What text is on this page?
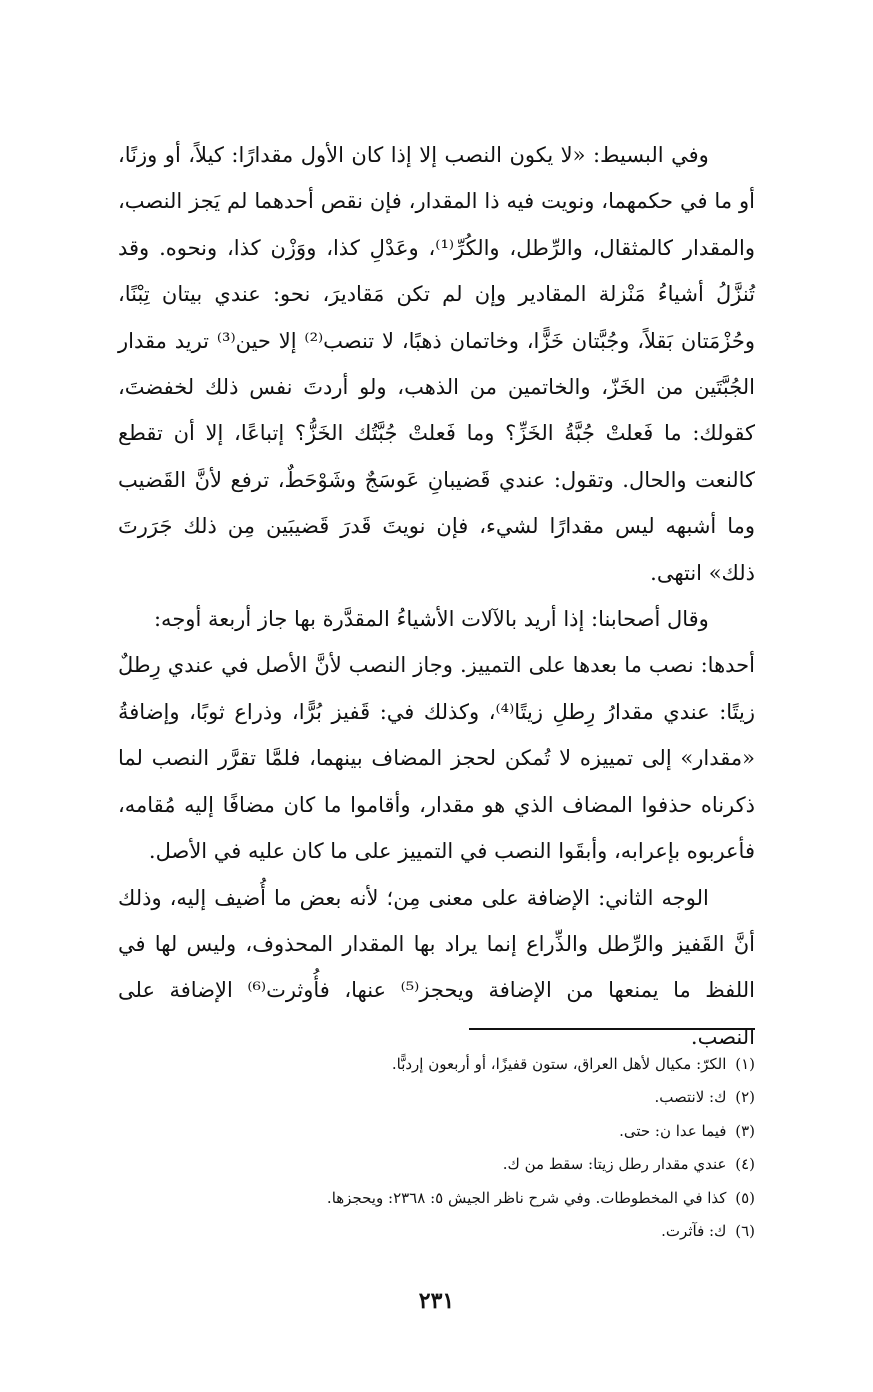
وفي البسيط: «لا يكون النصب إلا إذا كان الأول مقدارًا: كيلاً، أو وزنًا، أو ما في حكمهما، ونويت فيه ذا المقدار، فإن نقص أحدهما لم يَجز النصب، والمقدار كالمثقال، والرِّطل، والكُرِّ⁽¹⁾، وعَدْلِ كذا، ووَزْن كذا، ونحوه. وقد تُنزَّلُ أشياءُ مَنْزلة المقادير وإن لم تكن مَقاديرَ، نحو: عندي بيتان تِبْنًا، وحُزْمَتان بَقلاً، وجُبَّتان خَزًّا، وخاتمان ذهبًا، لا تنصب⁽²⁾ إلا حين⁽³⁾ تريد مقدار الجُبَّتَين من الخَزّ، والخاتمين من الذهب، ولو أردتَ نفس ذلك لخفضتَ، كقولك: ما فَعلتْ جُبَّةُ الخَزِّ؟ وما فَعلتْ جُبَّتُك الخَزُّ؟ إتباعًا، إلا أن تقطع كالنعت والحال. وتقول: عندي قَضيبانِ عَوسَجٌ وشَوْحَطٌ، ترفع لأنَّ القَضيب وما أشبهه ليس مقدارًا لشيء، فإن نويتَ قَدرَ قَضيبَين مِن ذلك جَرَرتَ ذلك» انتهى.

وقال أصحابنا: إذا أريد بالآلات الأشياءُ المقدَّرة بها جاز أربعة أوجه:

أحدها: نصب ما بعدها على التمييز. وجاز النصب لأنَّ الأصل في عندي رِطلٌ زيتًا: عندي مقدارُ رِطلِ زيتًا⁽⁴⁾، وكذلك في: قَفيز بُرًّا، وذراع ثوبًا، وإضافةُ «مقدار» إلى تمييزه لا تُمكن لحجز المضاف بينهما، فلمَّا تقرَّر النصب لما ذكرناه حذفوا المضاف الذي هو مقدار، وأقاموا ما كان مضافًا إليه مُقامه، فأعربوه بإعرابه، وأبقَوا النصب في التمييز على ما كان عليه في الأصل.

الوجه الثاني: الإضافة على معنى مِن؛ لأنه بعض ما أُضيف إليه، وذلك أنَّ القَفيز والرِّطل والذِّراع إنما يراد بها المقدار المحذوف، وليس لها في اللفظ ما يمنعها من الإضافة ويحجز⁽⁵⁾ عنها، فأُوثرت⁽⁶⁾ الإضافة على النصب.

(١) الكرّ: مكيال لأهل العراق، ستون قفيزًا، أو أربعون إردبًّا.

(٢) ك: لانتصب.

(٣) فيما عدا ن: حتى.

(٤) عندي مقدار رطل زيتا: سقط من ك.

(٥) كذا في المخطوطات. وفي شرح ناظر الجيش ٥: ٢٣٦٨: ويحجزها.

(٦) ك: فآثرت.

٢٣١
